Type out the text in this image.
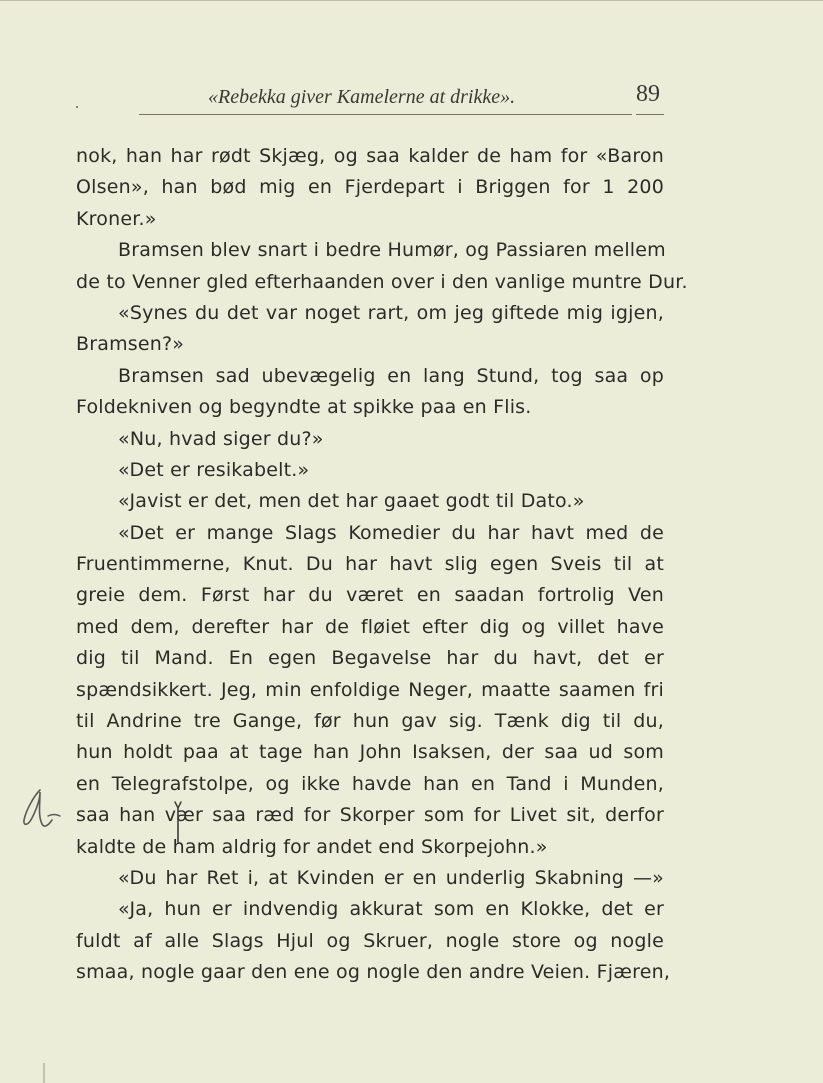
«Rebekka giver Kamelerne at drikke».	89
nok, han har rødt Skjæg, og saa kalder de ham for «Baron
Olsen», han bød mig en Fjerdepart i Briggen for 1 200
Kroner.»
Bramsen blev snart i bedre Humør, og Passiaren mellem
de to Venner gled efterhaanden over i den vanlige muntre Dur.
«Synes du det var noget rart, om jeg giftede mig igjen,
Bramsen?»
Bramsen sad ubevægelig en lang Stund, tog saa op
Foldekniven og begyndte at spikke paa en Flis.
«Nu, hvad siger du?»
«Det er resikabelt.»
«Javist er det, men det har gaaet godt til Dato.»
«Det er mange Slags Komedier du har havt med de
Fruentimmerne, Knut. Du har havt slig egen Sveis til at
greie dem. Først har du været en saadan fortrolig Ven
med dem, derefter har de fløiet efter dig og villet have
dig til Mand. En egen Begavelse har du havt, det er
spændsikkert. Jeg, min enfoldige Neger, maatte saamen fri
til Andrine tre Gange, før hun gav sig. Tænk dig til du,
hun holdt paa at tage han John Isaksen, der saa ud som
en Telegrafstolpe, og ikke havde han en Tand i Munden,
saa han vær saa ræd for Skorper som for Livet sit, derfor
kaldte de ham aldrig for andet end Skorpejohn.»
«Du har Ret i, at Kvinden er en underlig Skabning —»
«Ja, hun er indvendig akkurat som en Klokke, det er
fuldt af alle Slags Hjul og Skruer, nogle store og nogle
smaa, nogle gaar den ene og nogle den andre Veien. Fjæren,
